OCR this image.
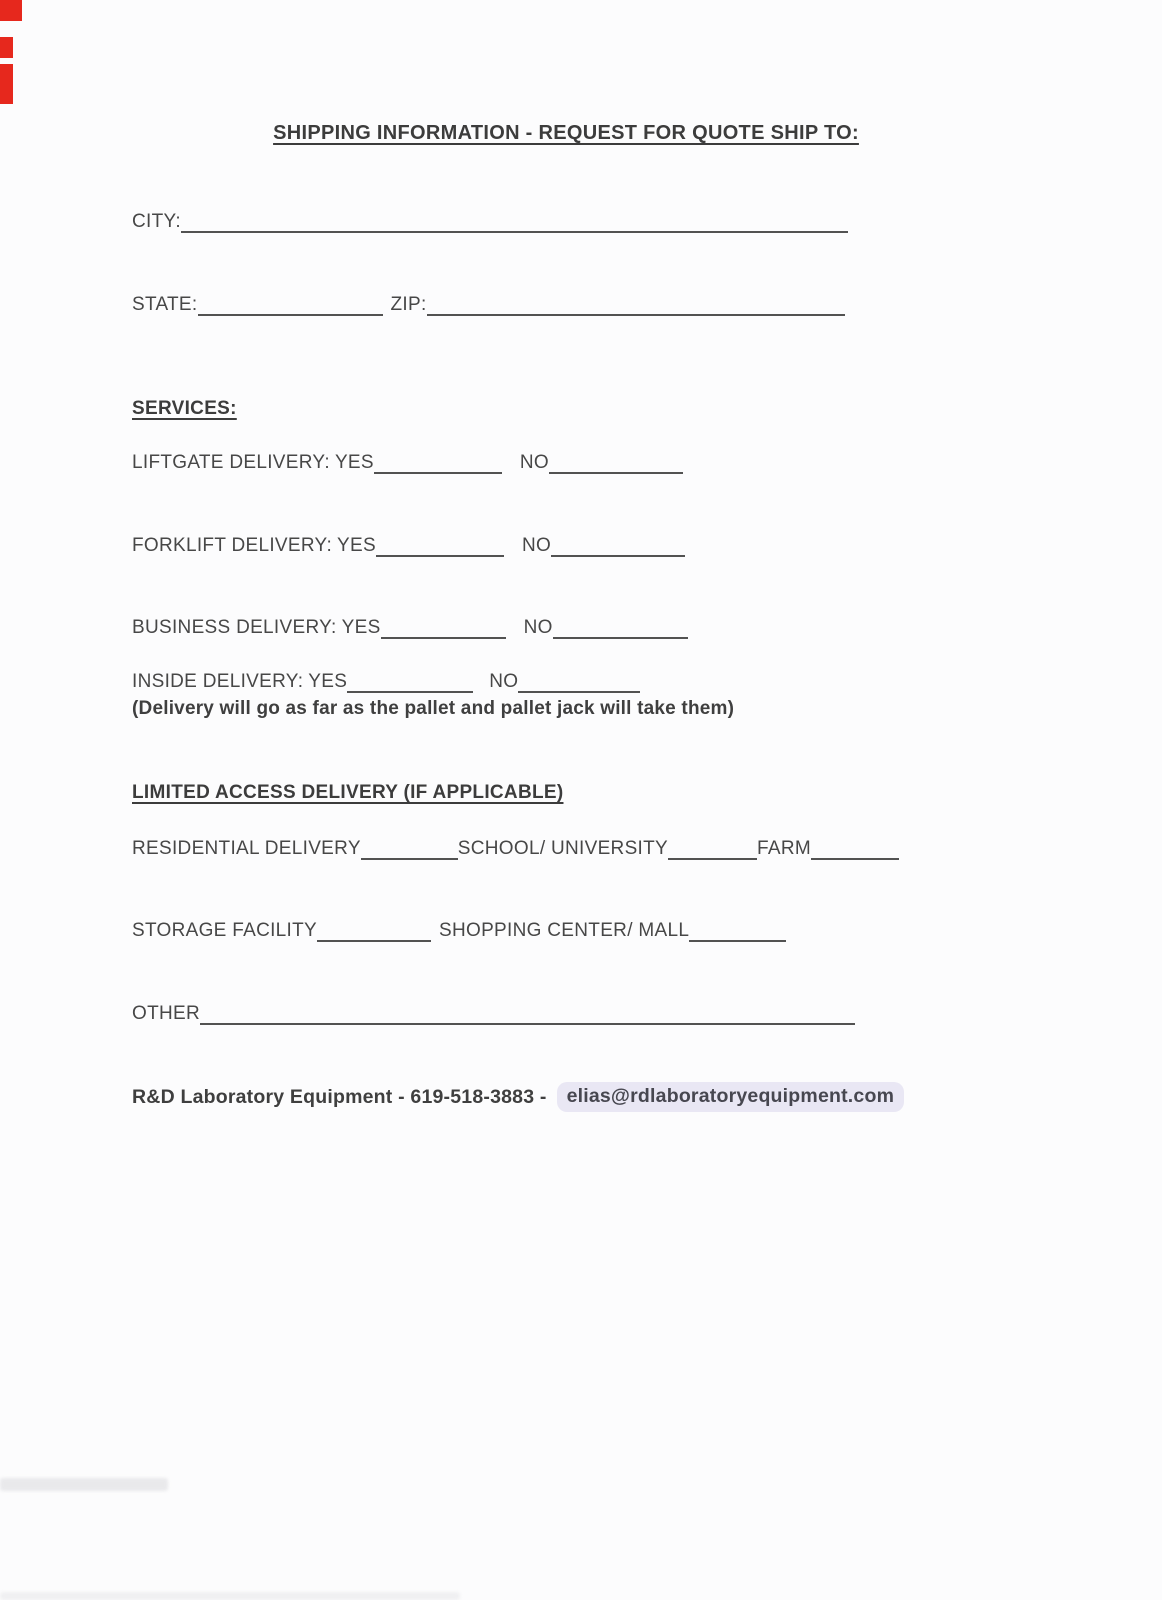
SHIPPING INFORMATION - REQUEST FOR QUOTE SHIP TO:
CITY:
STATE:	ZIP:
SERVICES:
LIFTGATE DELIVERY: YES	NO
FORKLIFT DELIVERY: YES	NO
BUSINESS DELIVERY: YES	NO
INSIDE DELIVERY: YES	NO
(Delivery will go as far as the pallet and pallet jack will take them)
LIMITED ACCESS DELIVERY (IF APPLICABLE)
RESIDENTIAL DELIVERY	SCHOOL/ UNIVERSITY	FARM
STORAGE FACILITY	SHOPPING CENTER/ MALL
OTHER
R&D Laboratory Equipment - 619-518-3883 -	elias@rdlaboratoryequipment.com
